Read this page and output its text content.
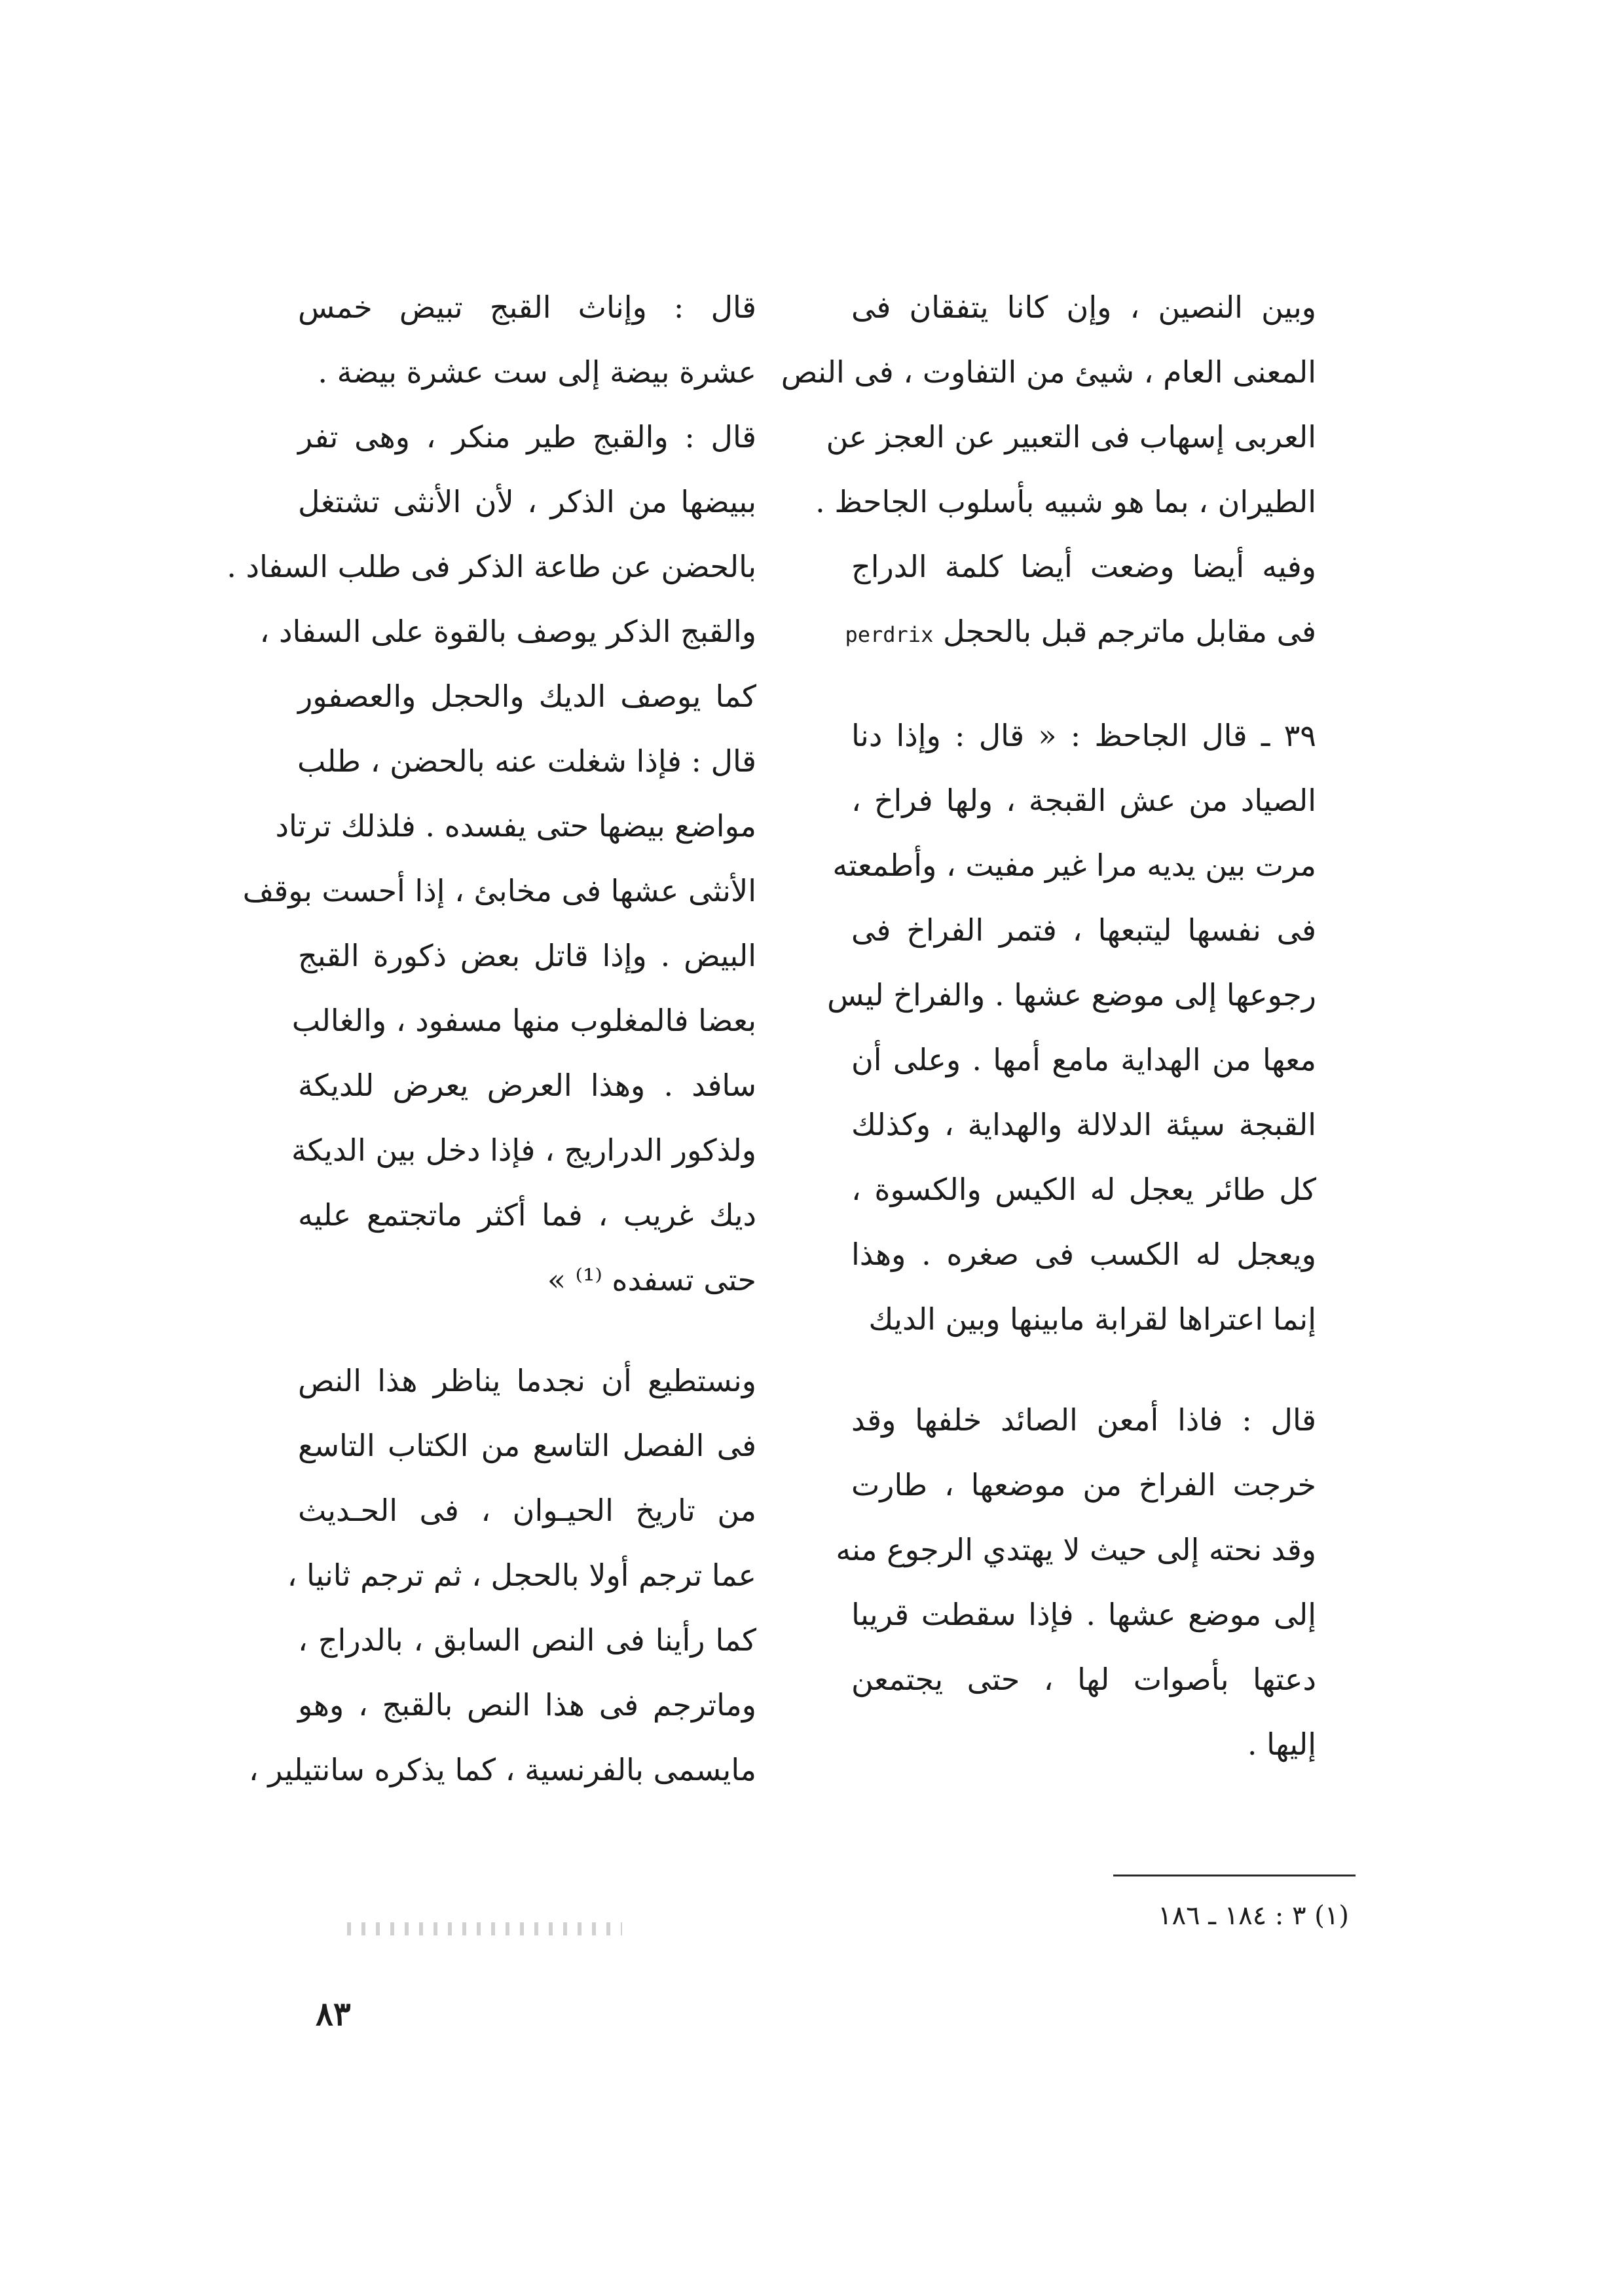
وبين النصين ، وإن كانا يتفقان فى
المعنى العام ، شيئ من التفاوت ، فى النص
العربى إسهاب فى التعبير عن العجز عن
الطيران ، بما هو شبيه بأسلوب الجاحظ .
وفيه أيضا وضعت أيضا كلمة الدراج
فى مقابل ماترجم قبل بالحجل perdrix

٣٩ ـ قال الجاحظ : « قال : وإذا دنا
الصياد من عش القبجة ، ولها فراخ ،
مرت بين يديه مرا غير مفيت ، وأطمعته
فى نفسها ليتبعها ، فتمر الفراخ فى
رجوعها إلى موضع عشها . والفراخ ليس
معها من الهداية مامع أمها . وعلى أن
القبجة سيئة الدلالة والهداية ، وكذلك
كل طائر يعجل له الكيس والكسوة ،
ويعجل له الكسب فى صغره . وهذا
إنما اعتراها لقرابة مابينها وبين الديك

قال : فاذا أمعن الصائد خلفها وقد
خرجت الفراخ من موضعها ، طارت
وقد نحته إلى حيث لا يهتدي الرجوع منه
إلى موضع عشها . فإذا سقطت قريبا
دعتها بأصوات لها ، حتى يجتمعن
إليها .

قال : وإناث القبج تبيض خمس
عشرة بيضة إلى ست عشرة بيضة .

قال : والقبج طير منكر ، وهى تفر
ببيضها من الذكر ، لأن الأنثى تشتغل
بالحضن عن طاعة الذكر فى طلب السفاد .
والقبج الذكر يوصف بالقوة على السفاد ،
كما يوصف الديك والحجل والعصفور
قال : فإذا شغلت عنه بالحضن ، طلب
مواضع بيضها حتى يفسده . فلذلك ترتاد
الأنثى عشها فى مخابئ ، إذا أحست بوقف
البيض . وإذا قاتل بعض ذكورة القبج
بعضا فالمغلوب منها مسفود ، والغالب
سافد . وهذا العرض يعرض للديكة
ولذكور الدراريج ، فإذا دخل بين الديكة
ديك غريب ، فما أكثر ماتجتمع عليه
حتى تسفده ⁽¹⁾ »

ونستطيع أن نجدما يناظر هذا النص
فى الفصل التاسع من الكتاب التاسع
من تاريخ الحيـوان ، فى الحـديث
عما ترجم أولا بالحجل ، ثم ترجم ثانيا ،
كما رأينا فى النص السابق ، بالدراج ،
وماترجم فى هذا النص بالقبج ، وهو
مايسمى بالفرنسية ، كما يذكره سانتيلير ،

(١) ٣ : ١٨٤ ـ ١٨٦
٨٣
